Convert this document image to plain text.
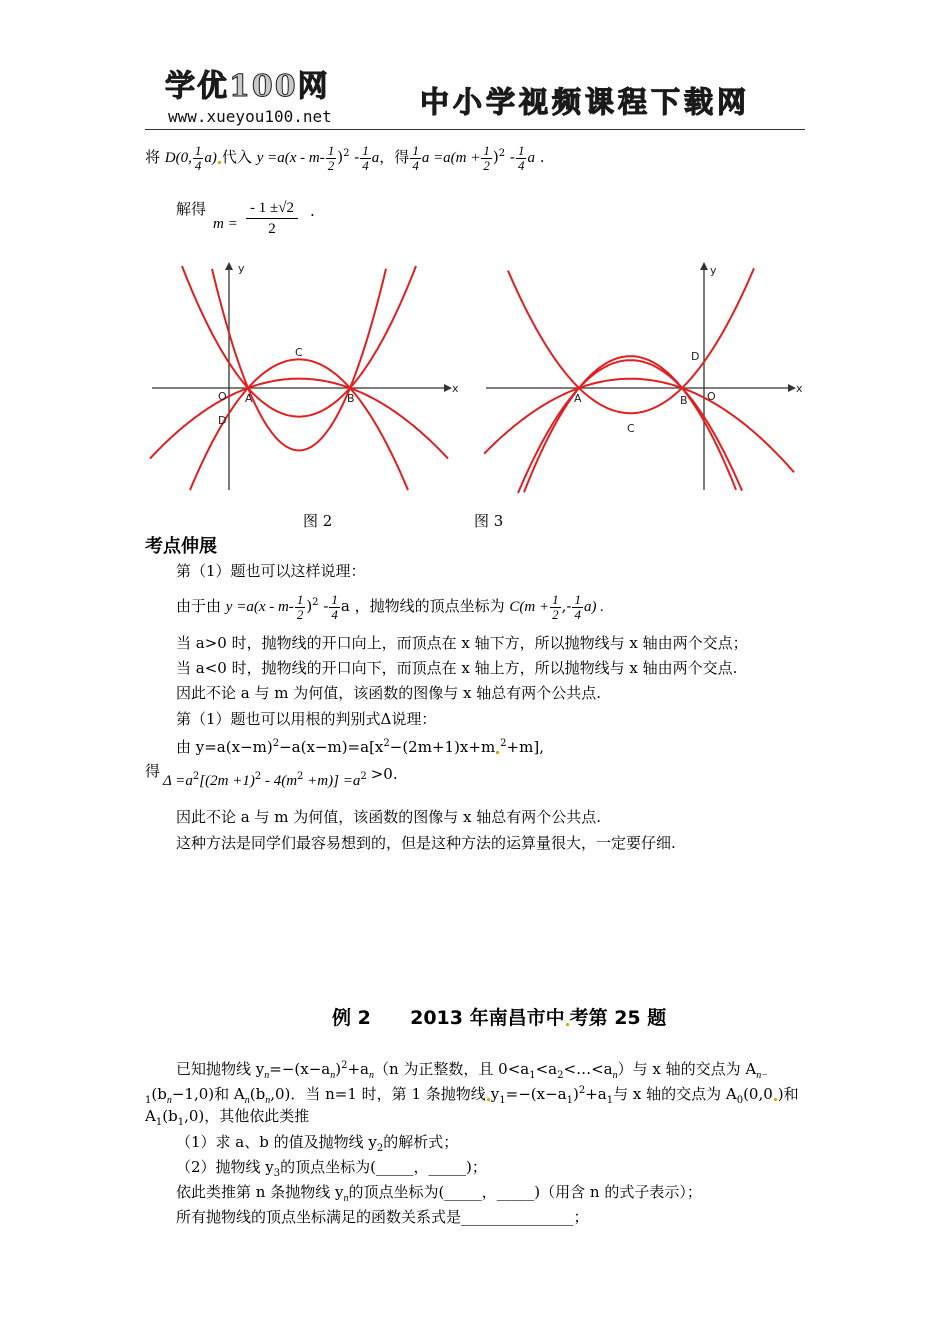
学优100网
www.xueyou100.net	中小学视频课程下载网
将 D(0, $\frac{1}{4} a$) 代入 $y =a(x - m- \frac{1}{2} )^2 - \frac{1}{4}$ a，得 $\frac{1}{4}$ $a =a(m + \frac{1}{2} )^2 - \frac{1}{4}$ a .
解得
$m = \frac{- 1 \pm√2}{2}$ .
y
x
O A	B
C
D
图 2
y
x
O
A	B
C
D
图 3
考点伸展
第（1）题也可以这样说理：
由于由 $y =a(x - m- \frac{1}{2} )^2 - \frac{1}{4}$ a ，抛物线的顶点坐标为 $C(m + \frac{1}{2}$ ,- $\frac{1}{4} a$) .
当 a>0 时，抛物线的开口向上，而顶点在 x 轴下方，所以抛物线与 x 轴由两个交点；
当 a<0 时，抛物线的开口向下，而顶点在 x 轴上方，所以抛物线与 x 轴由两个交点.
因此不论 a 与 m 为何值，该函数的图像与 x 轴总有两个公共点.
第（1）题也可以用根的判别式Δ说理：
由 $y=a(x-m)^2-a(x-m)=a[x^2-(2m+1)x+m$ $^2$+m],
得
$\Delta =a^2[(2m +1)^2 - 4(m^2 +m)] =a^2 >0$.
因此不论 a 与 m 为何值，该函数的图像与 x 轴总有两个公共点.
这种方法是同学们最容易想到的，但是这种方法的运算量很大，一定要仔细.
例 2 2013 年南昌市中 考第 25 题
已知抛物线 $y_n=-(x-a_n)^2+a_n(n$ 为正整数，且 $0<a_1<a_2<\dots<a_n$）与 x 轴的交点为 $A_{n-}$
$_1(b_n-1,0)$和 $A_n(b_n,0)$．当 n=1 时，第 1 条抛物线 $y_1=-(x-a_1)^2+a_1$与 x 轴的交点为 $A_0(0,0$ )和
$A_1(b_1,0)$，其他依此类推
（1）求 a、b 的值及抛物线 $y_2$的解析式；
（2）抛物线 $y_3$的顶点坐标为(_____，_____)；
依此类推第 n 条抛物线 $y_n$的顶点坐标为(_____，_____)（用含 n 的式子表示）；
所有抛物线的顶点坐标满足的函数关系式是_______________；
